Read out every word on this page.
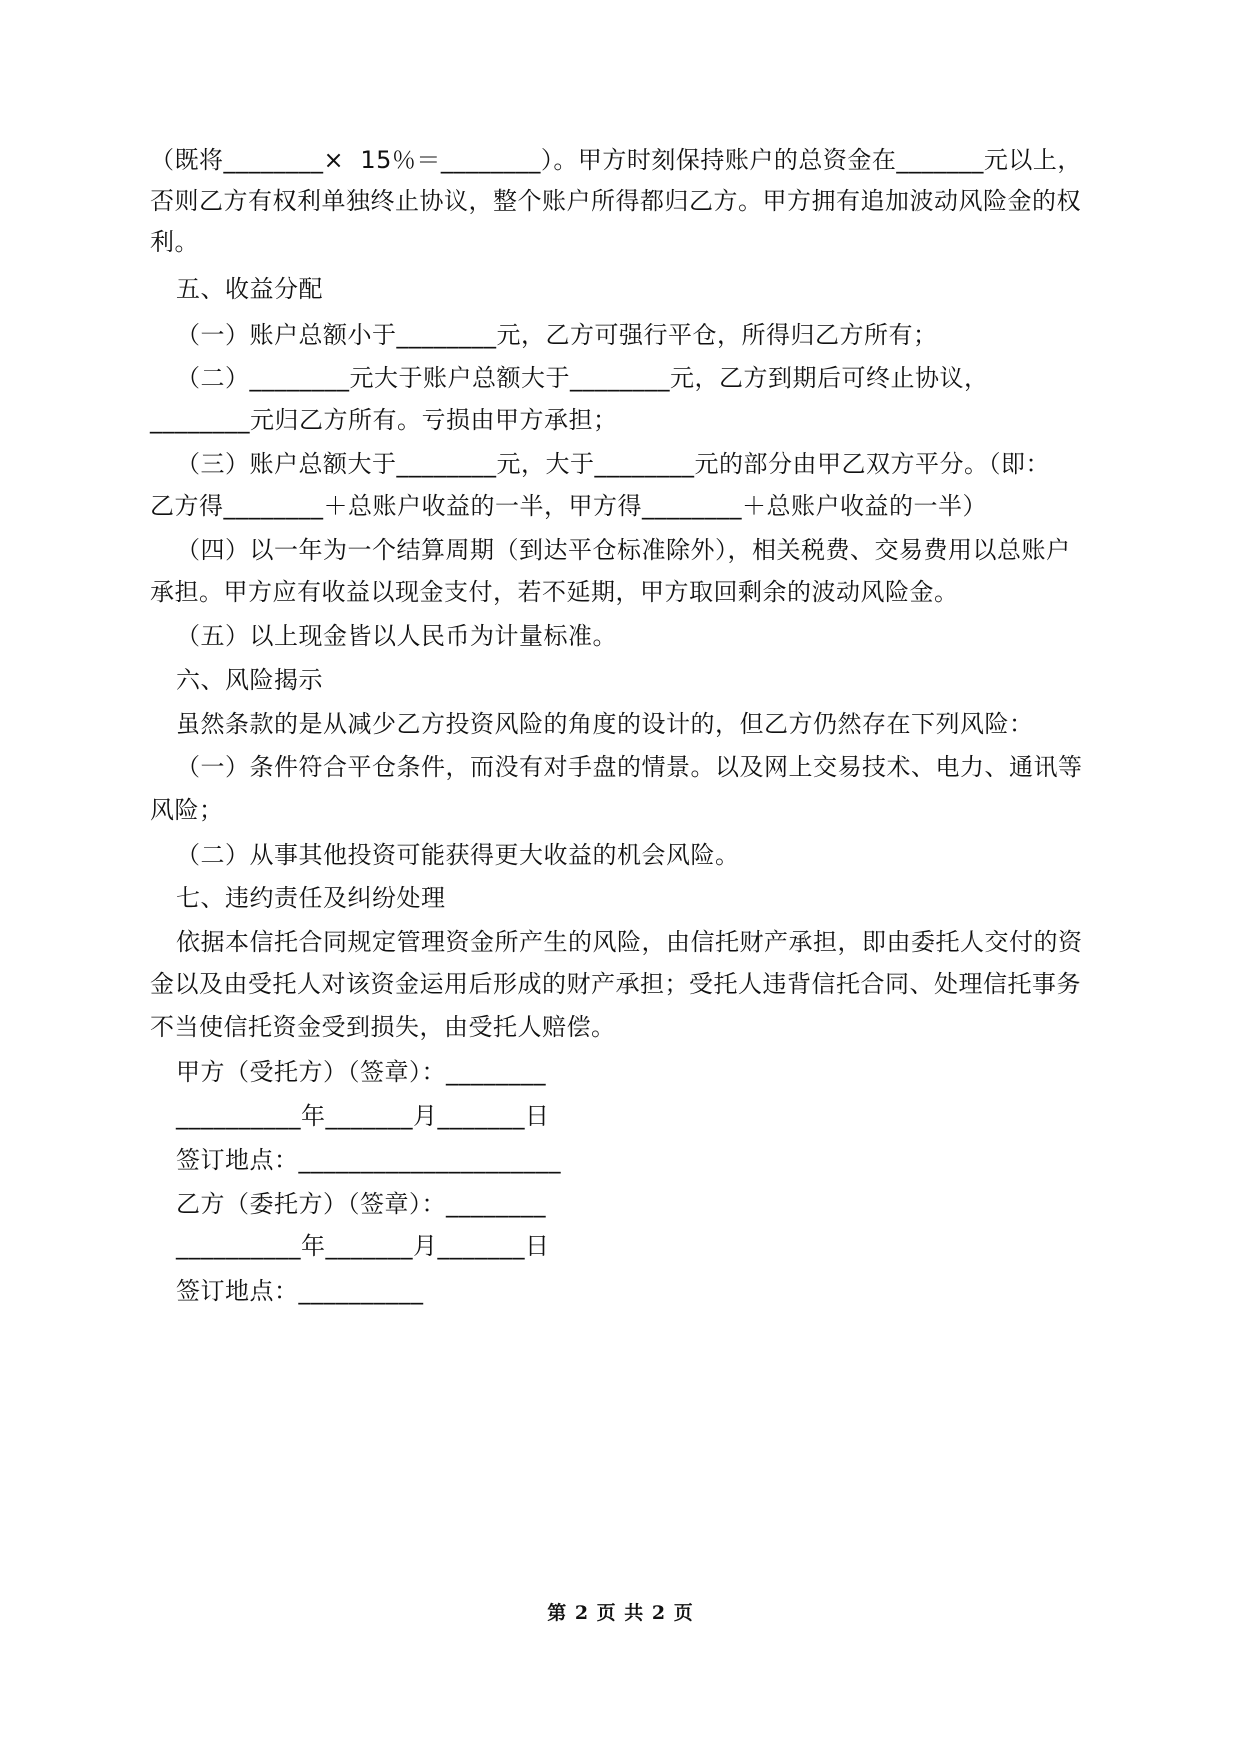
（既将________×  15％＝________）。甲方时刻保持账户的总资金在_______元以上，
否则乙方有权利单独终止协议，整个账户所得都归乙方。甲方拥有追加波动风险金的权
利。
五、收益分配
（一）账户总额小于________元，乙方可强行平仓，所得归乙方所有；
（二）________元大于账户总额大于________元，乙方到期后可终止协议，
________元归乙方所有。亏损由甲方承担；
（三）账户总额大于________元，大于________元的部分由甲乙双方平分。（即：
乙方得________＋总账户收益的一半，甲方得________＋总账户收益的一半）
（四）以一年为一个结算周期（到达平仓标准除外），相关税费、交易费用以总账户
承担。甲方应有收益以现金支付，若不延期，甲方取回剩余的波动风险金。
（五）以上现金皆以人民币为计量标准。
六、风险揭示
虽然条款的是从减少乙方投资风险的角度的设计的，但乙方仍然存在下列风险：
（一）条件符合平仓条件，而没有对手盘的情景。以及网上交易技术、电力、通讯等
风险；
（二）从事其他投资可能获得更大收益的机会风险。
七、违约责任及纠纷处理
依据本信托合同规定管理资金所产生的风险，由信托财产承担，即由委托人交付的资
金以及由受托人对该资金运用后形成的财产承担；受托人违背信托合同、处理信托事务
不当使信托资金受到损失，由受托人赔偿。
甲方（受托方）（签章）：________
__________年_______月_______日
签订地点：_____________________
乙方（委托方）（签章）：________
__________年_______月_______日
签订地点：__________
第 2 页 共 2 页
